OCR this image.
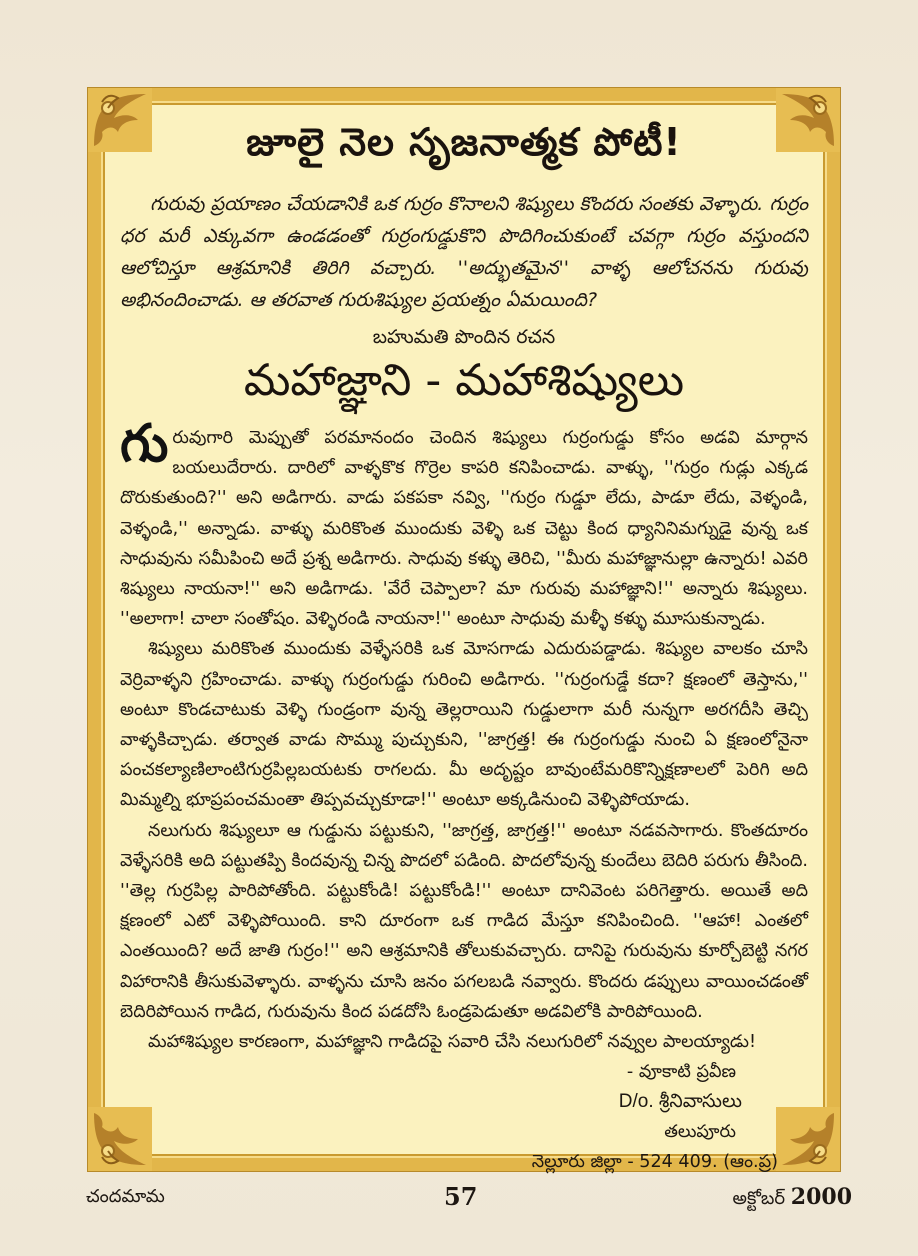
జూలై నెల సృజనాత్మక పోటీ!

గురువు ప్రయాణం చేయడానికి ఒక గుర్రం కొనాలని శిష్యులు కొందరు సంతకు వెళ్ళారు. గుర్రం ధర మరీ ఎక్కువగా ఉండడంతో గుర్రంగుడ్డుకొని పొదిగించుకుంటే చవగ్గా గుర్రం వస్తుందని ఆలోచిస్తూ ఆశ్రమానికి తిరిగి వచ్చారు. ''అద్భుతమైన'' వాళ్ళ ఆలోచనను గురువు అభినందించాడు. ఆ తరవాత గురుశిష్యుల ప్రయత్నం ఏమయింది?

బహుమతి పొందిన రచన
మహాజ్ఞాని - మహాశిష్యులు

గురువుగారి మెప్పుతో పరమానందం చెందిన శిష్యులు గుర్రంగుడ్డు కోసం అడవి మార్గాన బయలుదేరారు. దారిలో వాళ్ళకొక గొర్రెల కాపరి కనిపించాడు. వాళ్ళు, ''గుర్రం గుడ్లు ఎక్కడ దొరుకుతుంది?'' అని అడిగారు. వాడు పకపకా నవ్వి, ''గుర్రం గుడ్డూ లేదు, పాడూ లేదు, వెళ్ళండి, వెళ్ళండి,'' అన్నాడు. వాళ్ళు మరికొంత ముందుకు వెళ్ళి ఒక చెట్టు కింద ధ్యానినిమగ్నుడై వున్న ఒక సాధువును సమీపించి అదే ప్రశ్న అడిగారు. సాధువు కళ్ళు తెరిచి, ''మీరు మహాజ్ఞానుల్లా ఉన్నారు! ఎవరి శిష్యులు నాయనా!'' అని అడిగాడు. 'వేరే చెప్పాలా? మా గురువు మహాజ్ఞాని!'' అన్నారు శిష్యులు. ''అలాగా! చాలా సంతోషం. వెళ్ళిరండి నాయనా!'' అంటూ సాధువు మళ్ళీ కళ్ళు మూసుకున్నాడు.

శిష్యులు మరికొంత ముందుకు వెళ్ళేసరికి ఒక మోసగాడు ఎదురుపడ్డాడు. శిష్యుల వాలకం చూసి వెర్రివాళ్ళని గ్రహించాడు. వాళ్ళు గుర్రంగుడ్డు గురించి అడిగారు. ''గుర్రంగుడ్డే కదా? క్షణంలో తెస్తాను,'' అంటూ కొండచాటుకు వెళ్ళి గుండ్రంగా వున్న తెల్లరాయిని గుడ్డులాగా మరీ నున్నగా అరగదీసి తెచ్చి వాళ్ళకిచ్చాడు. తర్వాత వాడు సొమ్ము పుచ్చుకుని, ''జాగ్రత్త! ఈ గుర్రంగుడ్డు నుంచి ఏ క్షణంలోనైనా పంచకల్యాణిలాంటిగుర్రపిల్లబయటకు రాగలదు. మీ అదృష్టం బావుంటేమరికొన్నిక్షణాలలో పెరిగి అది మిమ్మల్ని భూప్రపంచమంతా తిప్పవచ్చుకూడా!'' అంటూ అక్కడినుంచి వెళ్ళిపోయాడు.

నలుగురు శిష్యులూ ఆ గుడ్డును పట్టుకుని, ''జాగ్రత్త, జాగ్రత్త!'' అంటూ నడవసాగారు. కొంతదూరం వెళ్ళేసరికి అది పట్టుతప్పి కిందవున్న చిన్న పొదలో పడింది. పొదలోవున్న కుందేలు బెదిరి పరుగు తీసింది. ''తెల్ల గుర్రపిల్ల పారిపోతోంది. పట్టుకోండి! పట్టుకోండి!'' అంటూ దానివెంట పరిగెత్తారు. అయితే అది క్షణంలో ఎటో వెళ్ళిపోయింది. కాని దూరంగా ఒక గాడిద మేస్తూ కనిపించింది. ''ఆహా! ఎంతలో ఎంతయింది? అదే జాతి గుర్రం!'' అని ఆశ్రమానికి తోలుకువచ్చారు. దానిపై గురువును కూర్చోబెట్టి నగర విహారానికి తీసుకువెళ్ళారు. వాళ్ళను చూసి జనం పగలబడి నవ్వారు. కొందరు డప్పులు వాయించడంతో బెదిరిపోయిన గాడిద, గురువును కింద పడదోసి ఓండ్రపెడుతూ అడవిలోకి పారిపోయింది.

మహాశిష్యుల కారణంగా, మహాజ్ఞాని గాడిదపై సవారి చేసి నలుగురిలో నవ్వుల పాలయ్యాడు!

- వూకాటి ప్రవీణ
D/o. శ్రీనివాసులు
తలుపూరు
నెల్లూరు జిల్లా - 524 409. (ఆం.ప్ర)
చందమామ	57	అక్టోబర్ 2000
